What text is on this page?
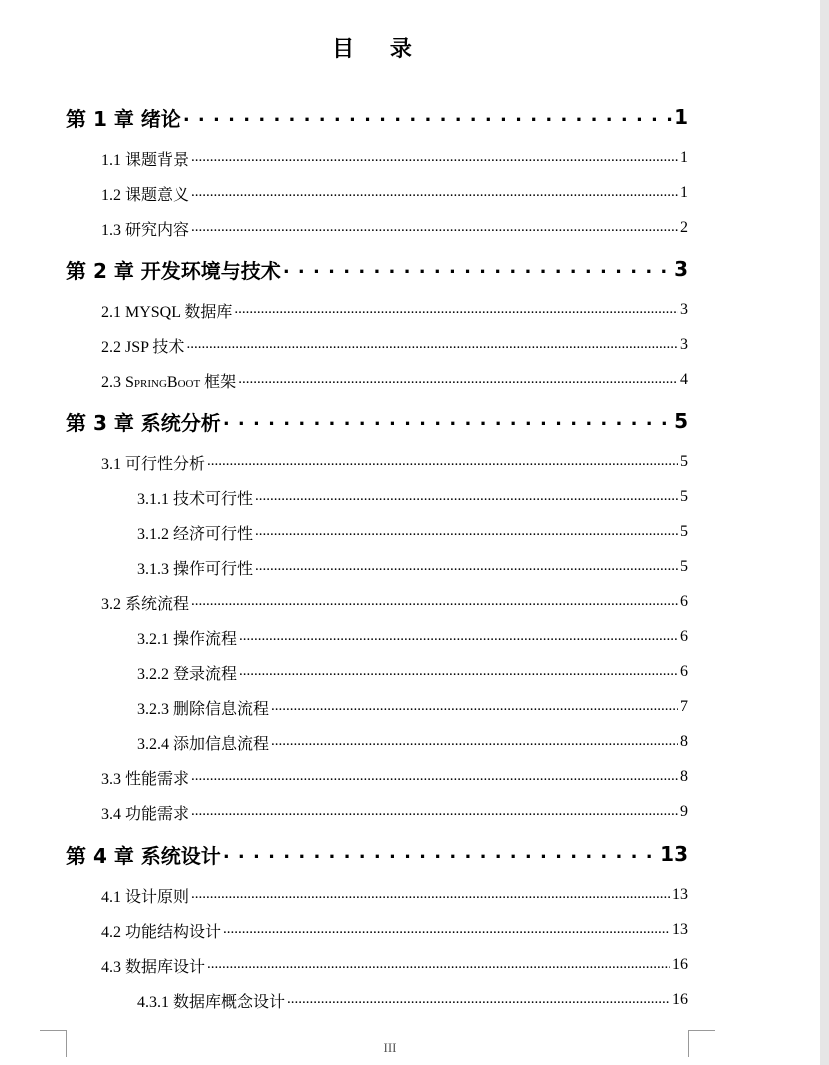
目 录
第 1 章 绪论 . . .	1
1.1 课题背景 .....	1
1.2 课题意义 .....	1
1.3 研究内容 .....	2
第 2 章 开发环境与技术 . . .	3
2.1 MYSQL 数据库 .....	3
2.2 JSP 技术 .....	3
2.3 SpringBoot 框架 .....	4
第 3 章 系统分析 . . .	5
3.1 可行性分析 .....	5
3.1.1 技术可行性 .....	5
3.1.2 经济可行性 .....	5
3.1.3 操作可行性 .....	5
3.2 系统流程 .....	6
3.2.1 操作流程 .....	6
3.2.2 登录流程 .....	6
3.2.3 删除信息流程 .....	7
3.2.4 添加信息流程 .....	8
3.3 性能需求 .....	8
3.4 功能需求 .....	9
第 4 章 系统设计 . . .	13
4.1 设计原则 .....	13
4.2 功能结构设计 .....	13
4.3 数据库设计 .....	16
4.3.1 数据库概念设计 .....	16
III
